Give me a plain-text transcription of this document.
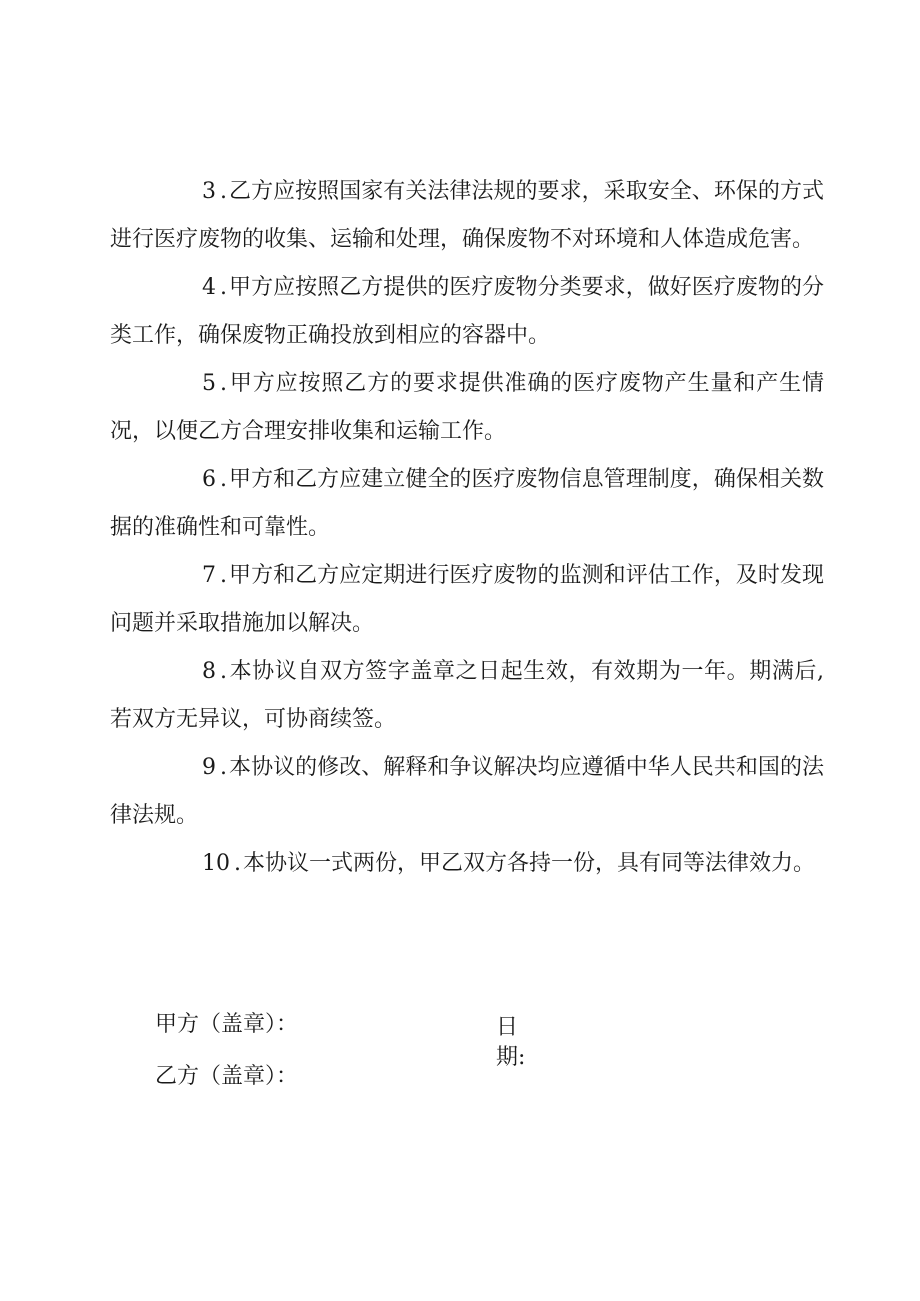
3 .乙方应按照国家有关法律法规的要求，采取安全、环保的方式进行医疗废物的收集、运输和处理，确保废物不对环境和人体造成危害。

4 .甲方应按照乙方提供的医疗废物分类要求，做好医疗废物的分类工作，确保废物正确投放到相应的容器中。

5 .甲方应按照乙方的要求提供准确的医疗废物产生量和产生情况，以便乙方合理安排收集和运输工作。

6 .甲方和乙方应建立健全的医疗废物信息管理制度，确保相关数据的准确性和可靠性。

7 .甲方和乙方应定期进行医疗废物的监测和评估工作，及时发现问题并采取措施加以解决。

8 .本协议自双方签字盖章之日起生效，有效期为一年。期满后,若双方无异议，可协商续签。

9 .本协议的修改、解释和争议解决均应遵循中华人民共和国的法律法规。

10 .本协议一式两份，甲乙双方各持一份，具有同等法律效力。

甲方（盖章）：
乙方（盖章）：
日
期:
